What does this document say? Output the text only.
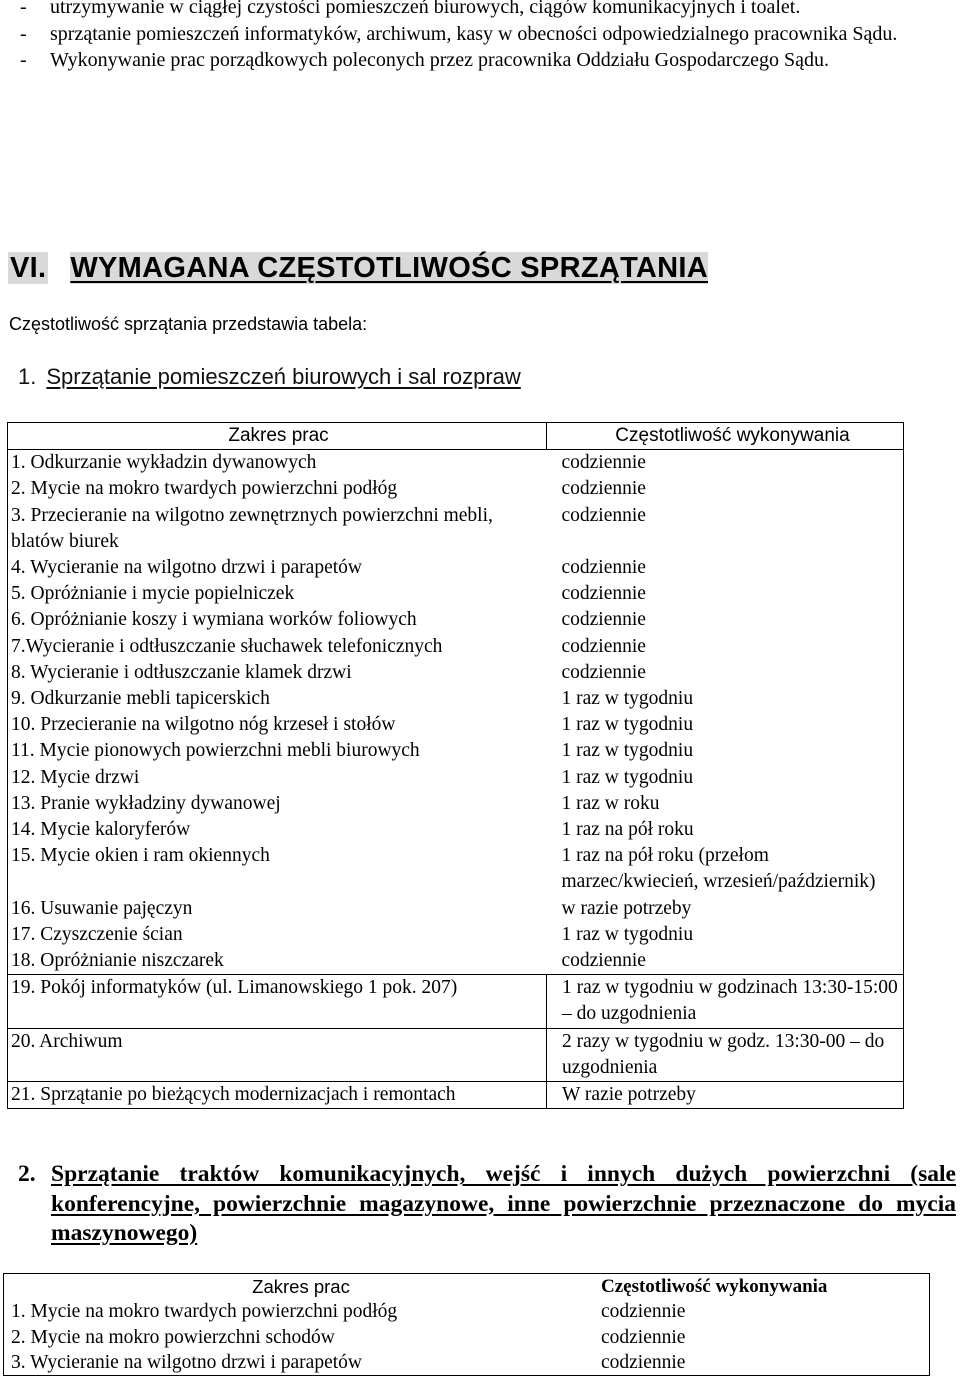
-	utrzymywanie w ciągłej czystości pomieszczeń biurowych, ciągów komunikacyjnych i toalet.
-	sprzątanie pomieszczeń informatyków, archiwum, kasy w obecności odpowiedzialnego pracownika Sądu.
-	Wykonywanie prac porządkowych poleconych przez pracownika Oddziału Gospodarczego Sądu.
VI. WYMAGANA CZĘSTOTLIWOŚC SPRZĄTANIA
Częstotliwość sprzątania przedstawia tabela:
1. Sprzątanie pomieszczeń biurowych i sal rozpraw
Zakres prac	Częstotliwość wykonywania
1. Odkurzanie wykładzin dywanowych	codziennie
2. Mycie na mokro twardych powierzchni podłóg	codziennie
3. Przecieranie na wilgotno zewnętrznych powierzchni mebli, blatów biurek	codziennie
4. Wycieranie na wilgotno drzwi i parapetów	codziennie
5. Opróżnianie i mycie popielniczek	codziennie
6. Opróżnianie koszy i wymiana worków foliowych	codziennie
7.Wycieranie i odtłuszczanie słuchawek telefonicznych	codziennie
8. Wycieranie i odtłuszczanie klamek drzwi	codziennie
9. Odkurzanie mebli tapicerskich	1 raz w tygodniu
10. Przecieranie na wilgotno nóg krzeseł i stołów	1 raz w tygodniu
11. Mycie pionowych powierzchni mebli biurowych	1 raz w tygodniu
12. Mycie drzwi	1 raz w tygodniu
13. Pranie wykładziny dywanowej	1 raz w roku
14. Mycie kaloryferów	1 raz na pół roku
15. Mycie okien i ram okiennych	1 raz na pół roku (przełom marzec/kwiecień, wrzesień/październik)
16. Usuwanie pajęczyn	w razie potrzeby
17. Czyszczenie ścian	1 raz w tygodniu
18. Opróżnianie niszczarek	codziennie
19. Pokój informatyków (ul. Limanowskiego 1 pok. 207)	1 raz w tygodniu w godzinach 13:30-15:00 – do uzgodnienia
20. Archiwum	2 razy w tygodniu w godz. 13:30-00 – do uzgodnienia
21. Sprzątanie po bieżących modernizacjach i remontach	W razie potrzeby
2. Sprzątanie traktów komunikacyjnych, wejść i innych dużych powierzchni (sale konferencyjne, powierzchnie magazynowe, inne powierzchnie przeznaczone do mycia maszynowego)
Zakres prac	Częstotliwość wykonywania
1. Mycie na mokro twardych powierzchni podłóg	codziennie
2. Mycie na mokro powierzchni schodów	codziennie
3. Wycieranie na wilgotno drzwi i parapetów	codziennie
